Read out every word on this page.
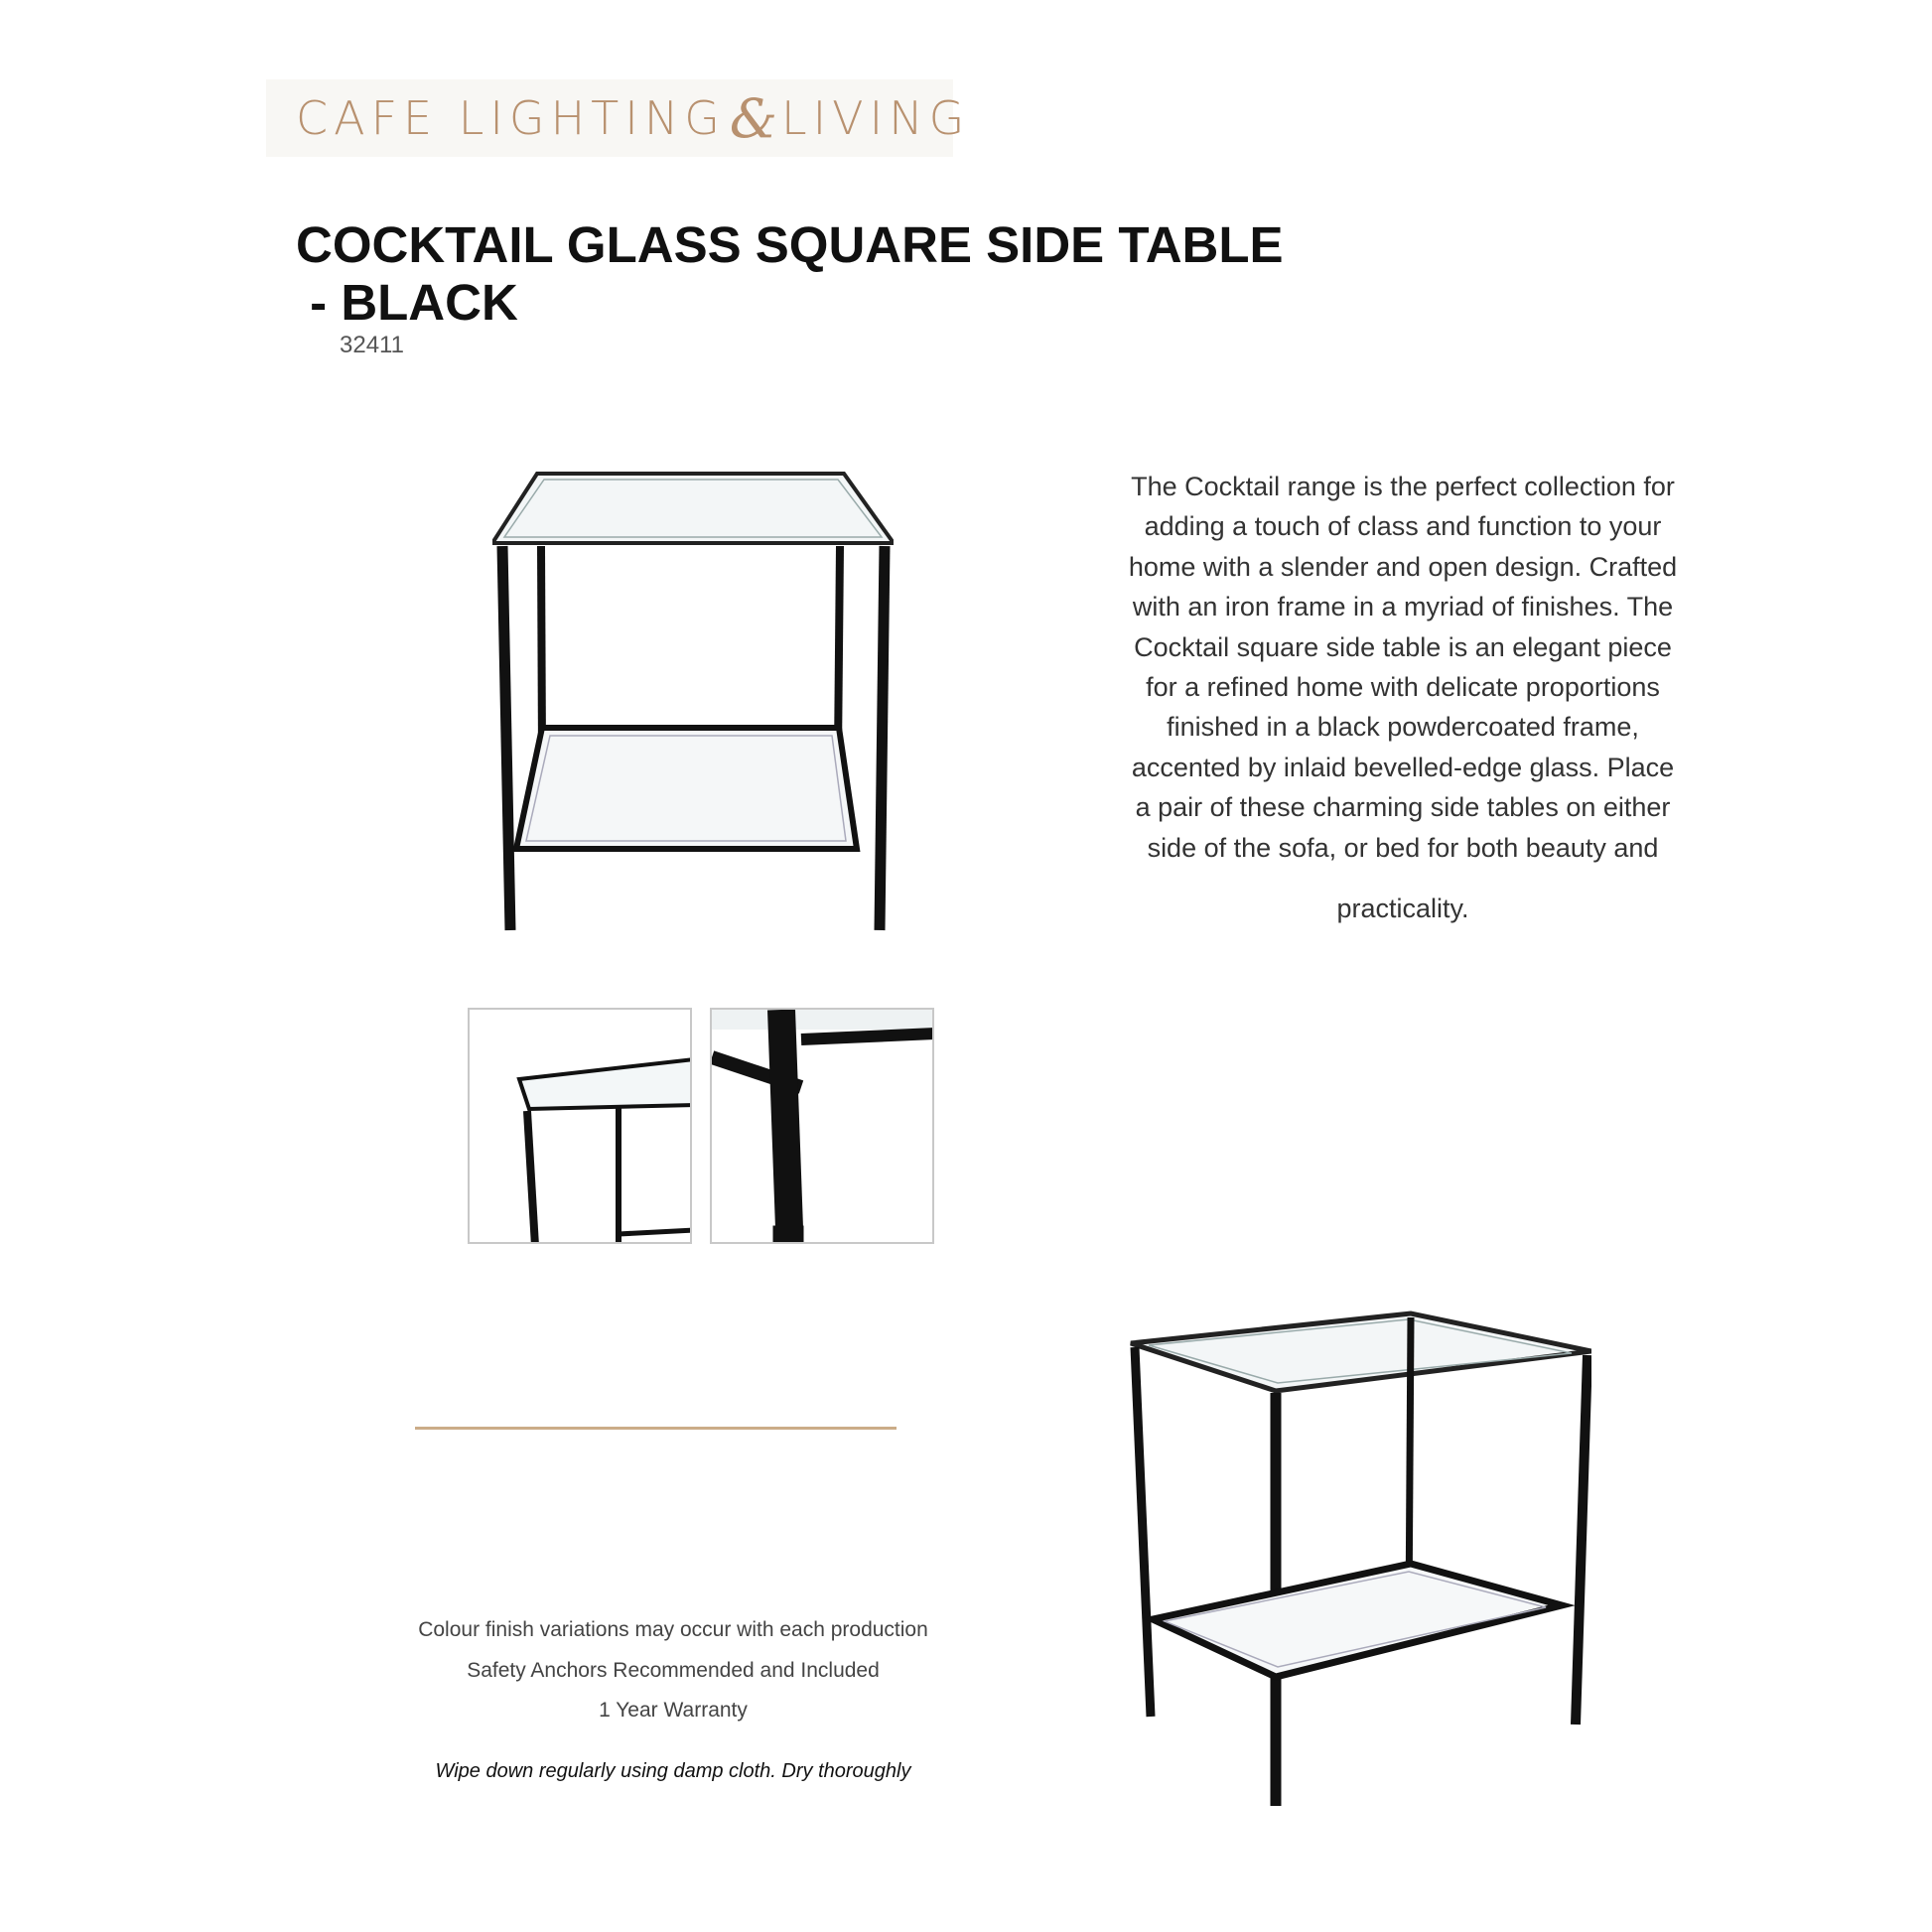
CAFE LIGHTING & LIVING
COCKTAIL GLASS SQUARE SIDE TABLE
- BLACK
32411
The Cocktail range is the perfect collection for
adding a touch of class and function to your
home with a slender and open design. Crafted
with an iron frame in a myriad of finishes. The
Cocktail square side table is an elegant piece
for a refined home with delicate proportions
finished in a black powdercoated frame,
accented by inlaid bevelled-edge glass. Place
a pair of these charming side tables on either
side of the sofa, or bed for both beauty and
practicality.
Colour finish variations may occur with each production
Safety Anchors Recommended and Included
1 Year Warranty
Wipe down regularly using damp cloth. Dry thoroughly
